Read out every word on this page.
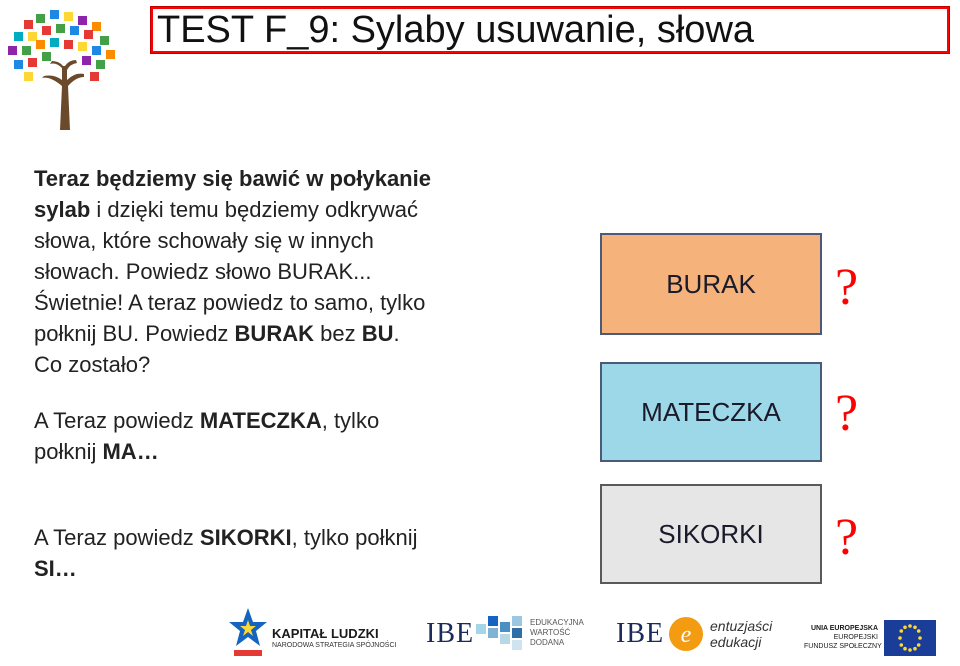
TEST F_9: Sylaby usuwanie, słowa
Teraz będziemy się bawić w połykanie
sylab i dzięki temu będziemy odkrywać
słowa, które schowały się w innych
słowach. Powiedz słowo BURAK...
Świetnie! A teraz powiedz to samo, tylko
połknij BU. Powiedz BURAK bez BU.
Co zostało?
A Teraz powiedz MATECZKA, tylko
połknij MA…
A Teraz powiedz SIKORKI, tylko połknij
SI…
BURAK
MATECZKA
SIKORKI
?
?
?
KAPITAŁ LUDZKI
NARODOWA STRATEGIA SPÓJNOŚCI IBE	EDUKACYJNA
WARTOŚĆ
DODANA	IBE e entuzjaści
edukacji
UNIA EUROPEJSKA
EUROPEJSKI
FUNDUSZ SPOŁECZNY
